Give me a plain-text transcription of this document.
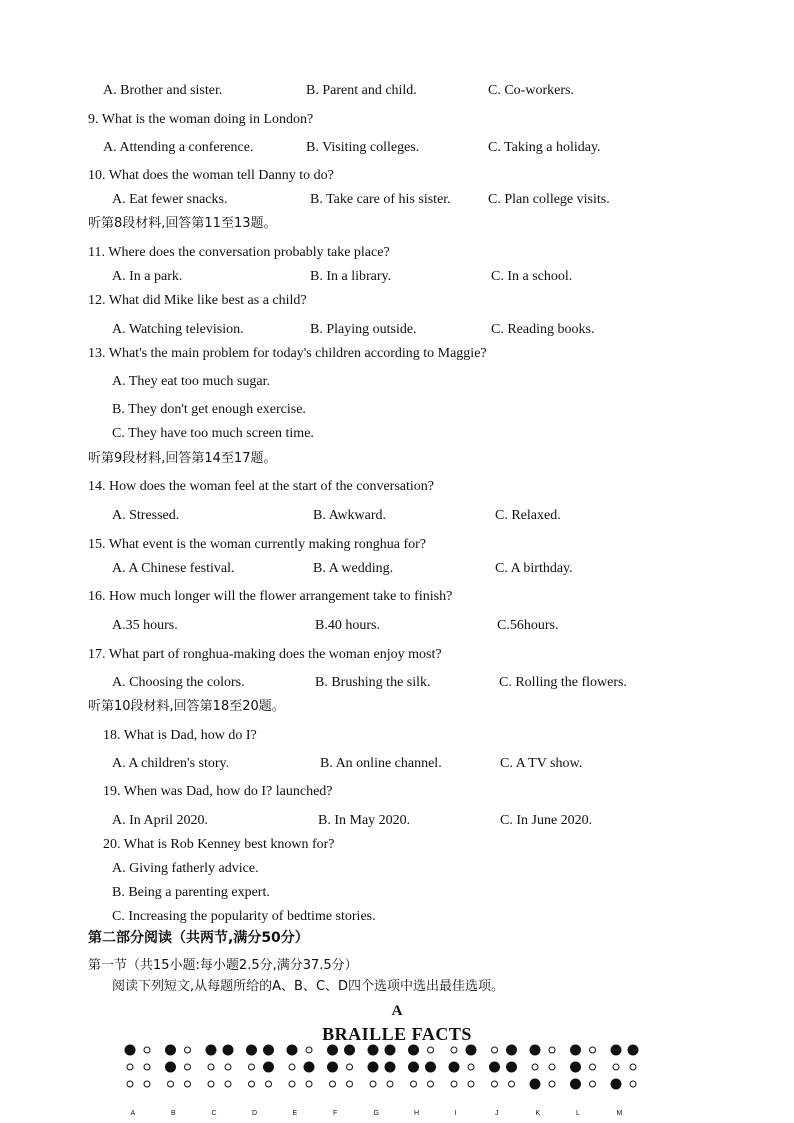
A. Brother and sister.	B. Parent and child.	C. Co-workers.
9. What is the woman doing in London?
A. Attending a conference.	B. Visiting colleges.	C. Taking a holiday.
10. What does the woman tell Danny to do?
A. Eat fewer snacks.	B. Take care of his sister.	C. Plan college visits.
听第8段材料,回答第11至13题。
11. Where does the conversation probably take place?
A. In a park.	B. In a library.	C. In a school.
12. What did Mike like best as a child?
A. Watching television.	B. Playing outside.	C. Reading books.
13. What's the main problem for today's children according to Maggie?
A. They eat too much sugar.
B. They don't get enough exercise.
C. They have too much screen time.
听第9段材料,回答第14至17题。
14. How does the woman feel at the start of the conversation?
A. Stressed.	B. Awkward.	C. Relaxed.
15. What event is the woman currently making ronghua for?
A. A Chinese festival.	B. A wedding.	C. A birthday.
16. How much longer will the flower arrangement take to finish?
A.35 hours.	B.40 hours.	C.56hours.
17. What part of ronghua-making does the woman enjoy most?
A. Choosing the colors.	B. Brushing the silk.	C. Rolling the flowers.
听第10段材料,回答第18至20题。
18. What is Dad, how do I?
A. A children's story.	B. An online channel.	C. A TV show.
19. When was Dad, how do I? launched?
A. In April 2020.	B. In May 2020.	C. In June 2020.
20. What is Rob Kenney best known for?
A. Giving fatherly advice.
B. Being a parenting expert.
C. Increasing the popularity of bedtime stories.
第二部分阅读（共两节,满分50分）
第一节（共15小题:每小题2.5分,满分37.5分）
阅读下列短文,从每题所给的A、B、C、D四个选项中选出最佳选项。
A
BRAILLE FACTS
A	B	C	D	E	F	G	H	I	J	K	L	M
